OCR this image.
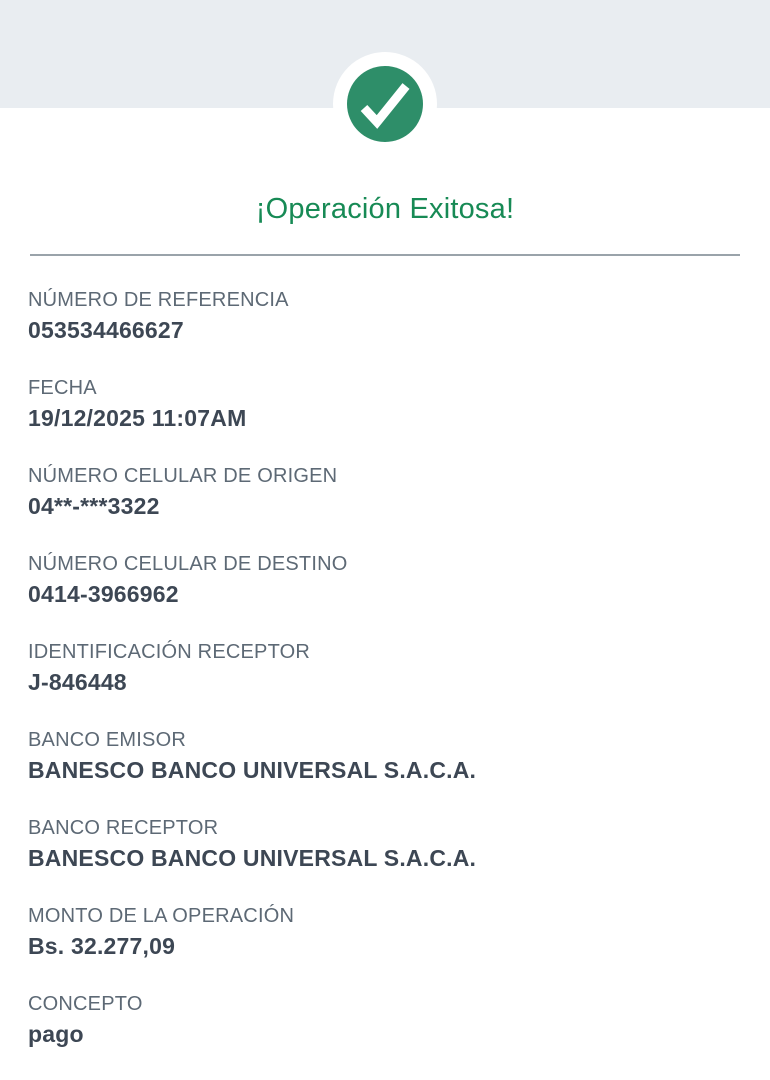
¡Operación Exitosa!
NÚMERO DE REFERENCIA
053534466627
FECHA
19/12/2025 11:07AM
NÚMERO CELULAR DE ORIGEN
04**-***3322
NÚMERO CELULAR DE DESTINO
0414-3966962
IDENTIFICACIÓN RECEPTOR
J-846448
BANCO EMISOR
BANESCO BANCO UNIVERSAL S.A.C.A.
BANCO RECEPTOR
BANESCO BANCO UNIVERSAL S.A.C.A.
MONTO DE LA OPERACIÓN
Bs. 32.277,09
CONCEPTO
pago
